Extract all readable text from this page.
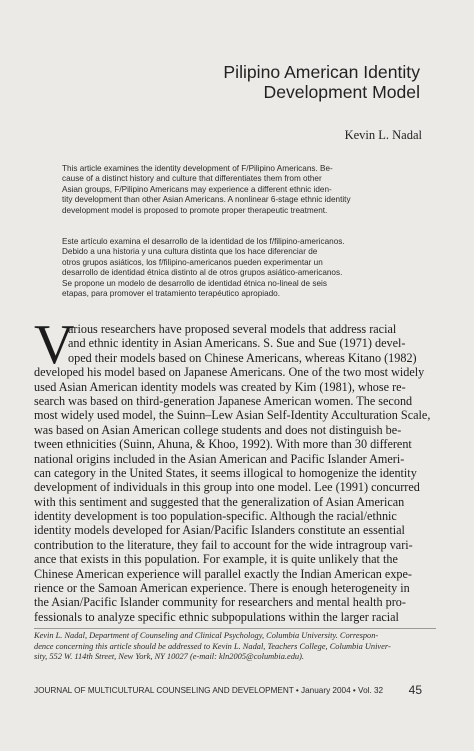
Pilipino American Identity
Development Model
Kevin L. Nadal
This article examines the identity development of F/Pilipino Americans. Be-
cause of a distinct history and culture that differentiates them from other
Asian groups, F/Pilipino Americans may experience a different ethnic iden-
tity development than other Asian Americans. A nonlinear 6-stage ethnic identity
development model is proposed to promote proper therapeutic treatment.
Este artículo examina el desarrollo de la identidad de los f/filipino-americanos.
Debido a una historia y una cultura distinta que los hace diferenciar de
otros grupos asiáticos, los f/filipino-americanos pueden experimentar un
desarrollo de identidad étnica distinto al de otros grupos asiático-americanos.
Se propone un modelo de desarrollo de identidad étnica no-lineal de seis
etapas, para promover el tratamiento terapéutico apropiado.
V
arious researchers have proposed several models that address racial
and ethnic identity in Asian Americans. S. Sue and Sue (1971) devel-
oped their models based on Chinese Americans, whereas Kitano (1982)
developed his model based on Japanese Americans. One of the two most widely
used Asian American identity models was created by Kim (1981), whose re-
search was based on third-generation Japanese American women. The second
most widely used model, the Suinn–Lew Asian Self-Identity Acculturation Scale,
was based on Asian American college students and does not distinguish be-
tween ethnicities (Suinn, Ahuna, & Khoo, 1992). With more than 30 different
national origins included in the Asian American and Pacific Islander Ameri-
can category in the United States, it seems illogical to homogenize the identity
development of individuals in this group into one model. Lee (1991) concurred
with this sentiment and suggested that the generalization of Asian American
identity development is too population-specific. Although the racial/ethnic
identity models developed for Asian/Pacific Islanders constitute an essential
contribution to the literature, they fail to account for the wide intragroup vari-
ance that exists in this population. For example, it is quite unlikely that the
Chinese American experience will parallel exactly the Indian American expe-
rience or the Samoan American experience. There is enough heterogeneity in
the Asian/Pacific Islander community for researchers and mental health pro-
fessionals to analyze specific ethnic subpopulations within the larger racial
Kevin L. Nadal, Department of Counseling and Clinical Psychology, Columbia University. Correspon-
dence concerning this article should be addressed to Kevin L. Nadal, Teachers College, Columbia Univer-
sity, 552 W. 114th Street, New York, NY 10027 (e-mail: kln2005@columbia.edu).
JOURNAL OF MULTICULTURAL COUNSELING AND DEVELOPMENT • January 2004 • Vol. 32	45
